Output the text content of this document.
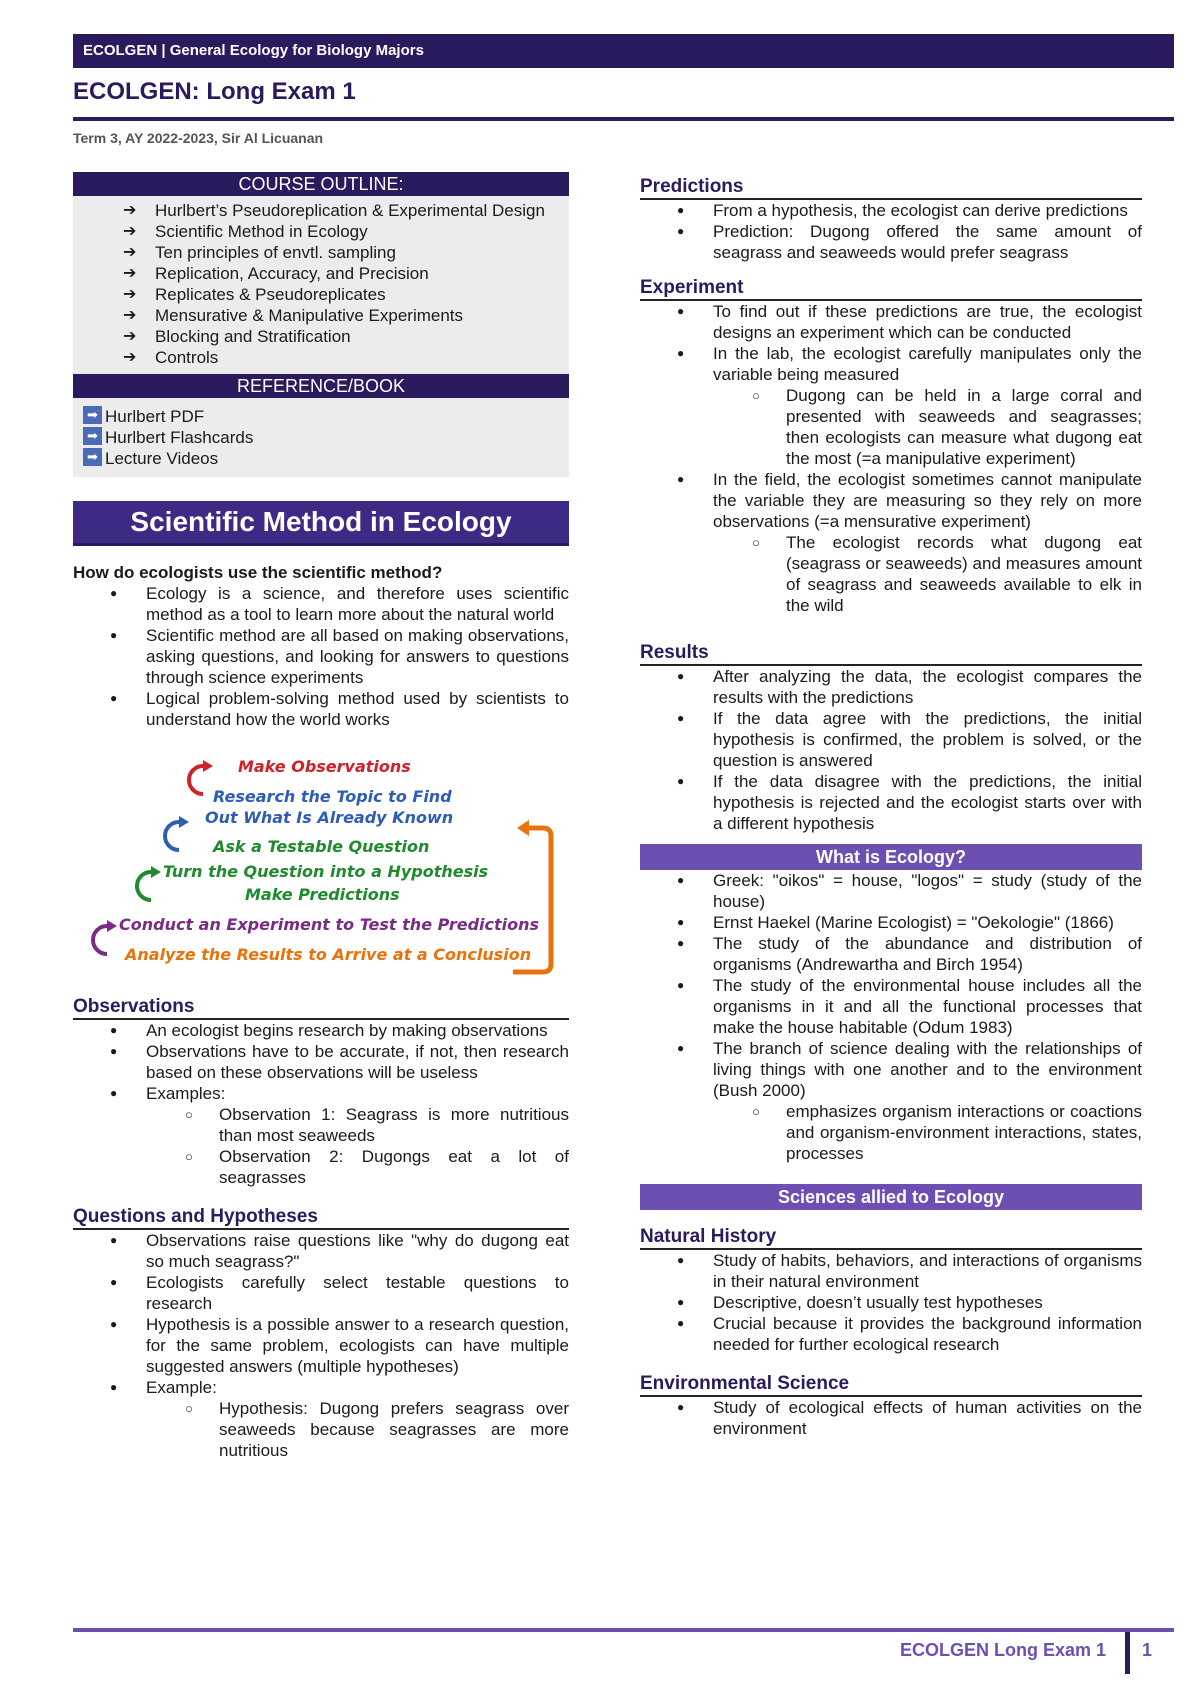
ECOLGEN | General Ecology for Biology Majors
ECOLGEN: Long Exam 1
Term 3, AY 2022-2023, Sir Al Licuanan
COURSE OUTLINE:
➔ Hurlbert’s Pseudoreplication & Experimental Design
➔ Scientific Method in Ecology
➔ Ten principles of envtl. sampling
➔ Replication, Accuracy, and Precision
➔ Replicates & Pseudoreplicates
➔ Mensurative & Manipulative Experiments
➔ Blocking and Stratification
➔ Controls
REFERENCE/BOOK
➡ Hurlbert PDF
➡ Hurlbert Flashcards
➡ Lecture Videos
Scientific Method in Ecology
How do ecologists use the scientific method?
● Ecology is a science, and therefore uses scientific method as a tool to learn more about the natural world
● Scientific method are all based on making observations, asking questions, and looking for answers to questions through science experiments
● Logical problem-solving method used by scientists to understand how the world works
Make Observations
Research the Topic to Find
Out What Is Already Known
Ask a Testable Question
Turn the Question into a Hypothesis
Make Predictions
Conduct an Experiment to Test the Predictions
Analyze the Results to Arrive at a Conclusion
Observations
● An ecologist begins research by making observations
● Observations have to be accurate, if not, then research based on these observations will be useless
● Examples:
○ Observation 1: Seagrass is more nutritious than most seaweeds
○ Observation 2: Dugongs eat a lot of seagrasses
Questions and Hypotheses
● Observations raise questions like "why do dugong eat so much seagrass?"
● Ecologists carefully select testable questions to research
● Hypothesis is a possible answer to a research question, for the same problem, ecologists can have multiple suggested answers (multiple hypotheses)
● Example:
○ Hypothesis: Dugong prefers seagrass over seaweeds because seagrasses are more nutritious
Predictions
● From a hypothesis, the ecologist can derive predictions
● Prediction: Dugong offered the same amount of seagrass and seaweeds would prefer seagrass
Experiment
● To find out if these predictions are true, the ecologist designs an experiment which can be conducted
● In the lab, the ecologist carefully manipulates only the variable being measured
○ Dugong can be held in a large corral and presented with seaweeds and seagrasses; then ecologists can measure what dugong eat the most (=a manipulative experiment)
● In the field, the ecologist sometimes cannot manipulate the variable they are measuring so they rely on more observations (=a mensurative experiment)
○ The ecologist records what dugong eat (seagrass or seaweeds) and measures amount of seagrass and seaweeds available to elk in the wild
Results
● After analyzing the data, the ecologist compares the results with the predictions
● If the data agree with the predictions, the initial hypothesis is confirmed, the problem is solved, or the question is answered
● If the data disagree with the predictions, the initial hypothesis is rejected and the ecologist starts over with a different hypothesis
What is Ecology?
● Greek: "oikos" = house, "logos" = study (study of the house)
● Ernst Haekel (Marine Ecologist) = "Oekologie" (1866)
● The study of the abundance and distribution of organisms (Andrewartha and Birch 1954)
● The study of the environmental house includes all the organisms in it and all the functional processes that make the house habitable (Odum 1983)
● The branch of science dealing with the relationships of living things with one another and to the environment (Bush 2000)
○ emphasizes organism interactions or coactions and organism-environment interactions, states, processes
Sciences allied to Ecology
Natural History
● Study of habits, behaviors, and interactions of organisms in their natural environment
● Descriptive, doesn’t usually test hypotheses
● Crucial because it provides the background information needed for further ecological research
Environmental Science
● Study of ecological effects of human activities on the environment
ECOLGEN Long Exam 1 1
